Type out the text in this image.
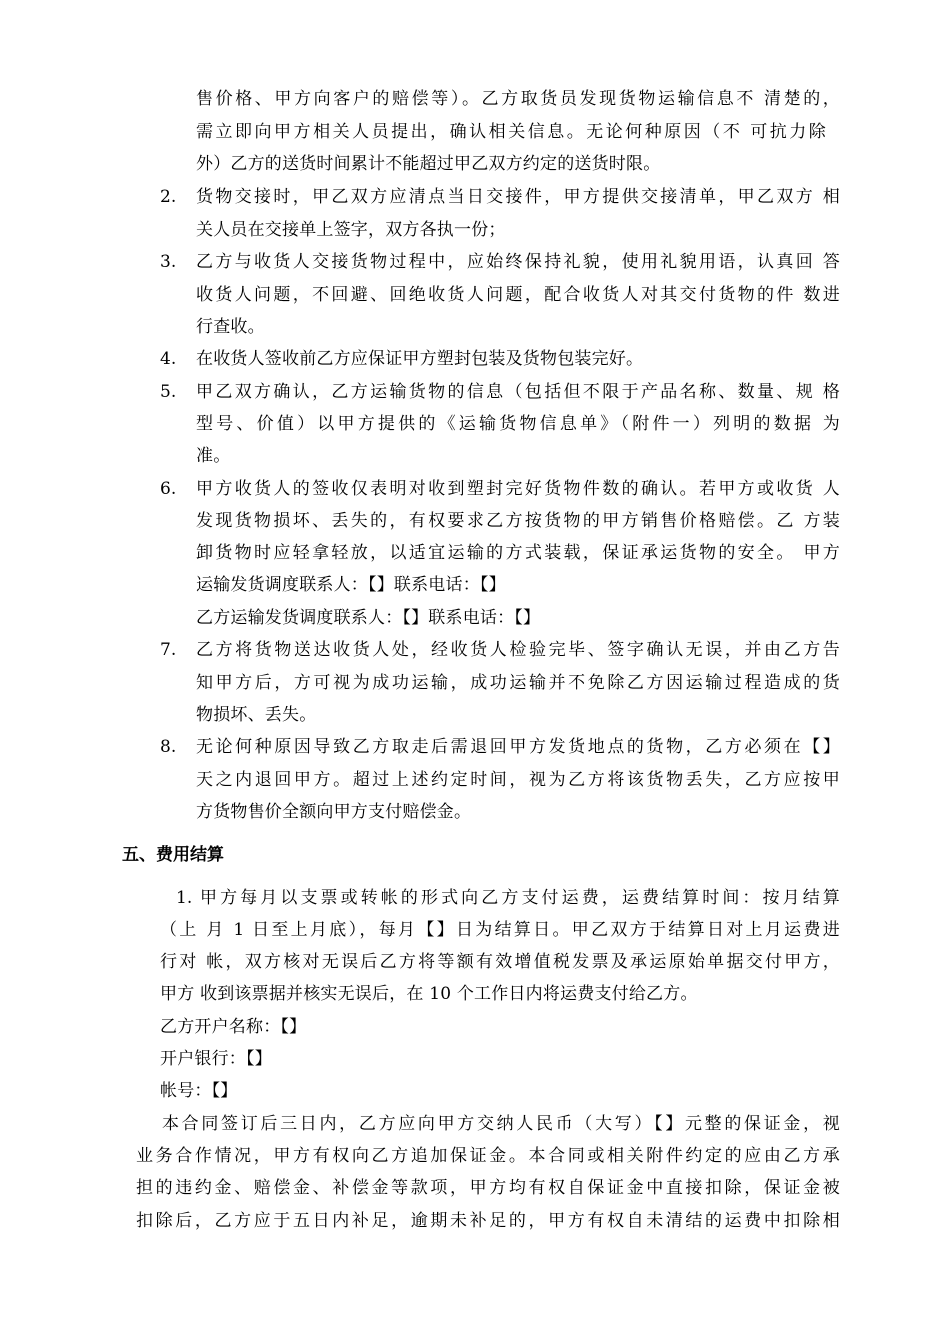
售价格、甲方向客户的赔偿等）。乙方取货员发现货物运输信息不 清楚的，
需立即向甲方相关人员提出，确认相关信息。无论何种原因（不 可抗力除
外）乙方的送货时间累计不能超过甲乙双方约定的送货时限。
2. 货物交接时，甲乙双方应清点当日交接件，甲方提供交接清单，甲乙双方 相
关人员在交接单上签字，双方各执一份；
3. 乙方与收货人交接货物过程中，应始终保持礼貌，使用礼貌用语，认真回 答
收货人问题，不回避、回绝收货人问题，配合收货人对其交付货物的件 数进
行查收。
4. 在收货人签收前乙方应保证甲方塑封包装及货物包装完好。
5. 甲乙双方确认，乙方运输货物的信息（包括但不限于产品名称、数量、规 格
型号、价值）以甲方提供的《运输货物信息单》（附件一）列明的数据 为
准。
6. 甲方收货人的签收仅表明对收到塑封完好货物件数的确认。若甲方或收货 人
发现货物损坏、丢失的，有权要求乙方按货物的甲方销售价格赔偿。乙 方装
卸货物时应轻拿轻放，以适宜运输的方式装载，保证承运货物的安全。 甲方
运输发货调度联系人：【】联系电话：【】
乙方运输发货调度联系人：【】联系电话：【】
7. 乙方将货物送达收货人处，经收货人检验完毕、签字确认无误，并由乙方告
知甲方后，方可视为成功运输，成功运输并不免除乙方因运输过程造成的货
物损坏、丢失。
8. 无论何种原因导致乙方取走后需退回甲方发货地点的货物，乙方必须在【】
天之内退回甲方。超过上述约定时间，视为乙方将该货物丢失，乙方应按甲
方货物售价全额向甲方支付赔偿金。
五、费用结算
1. 甲方每月以支票或转帐的形式向乙方支付运费，运费结算时间：按月结算
（上 月 1 日至上月底），每月【】日为结算日。甲乙双方于结算日对上月运费进
行对 帐，双方核对无误后乙方将等额有效增值税发票及承运原始单据交付甲方，
甲方 收到该票据并核实无误后，在 10 个工作日内将运费支付给乙方。
乙方开户名称：【】
开户银行：【】
帐号：【】
本合同签订后三日内，乙方应向甲方交纳人民币（大写）【】元整的保证金，视
业务合作情况，甲方有权向乙方追加保证金。本合同或相关附件约定的应由乙方承
担的违约金、赔偿金、补偿金等款项，甲方均有权自保证金中直接扣除，保证金被
扣除后，乙方应于五日内补足，逾期未补足的，甲方有权自未清结的运费中扣除相
